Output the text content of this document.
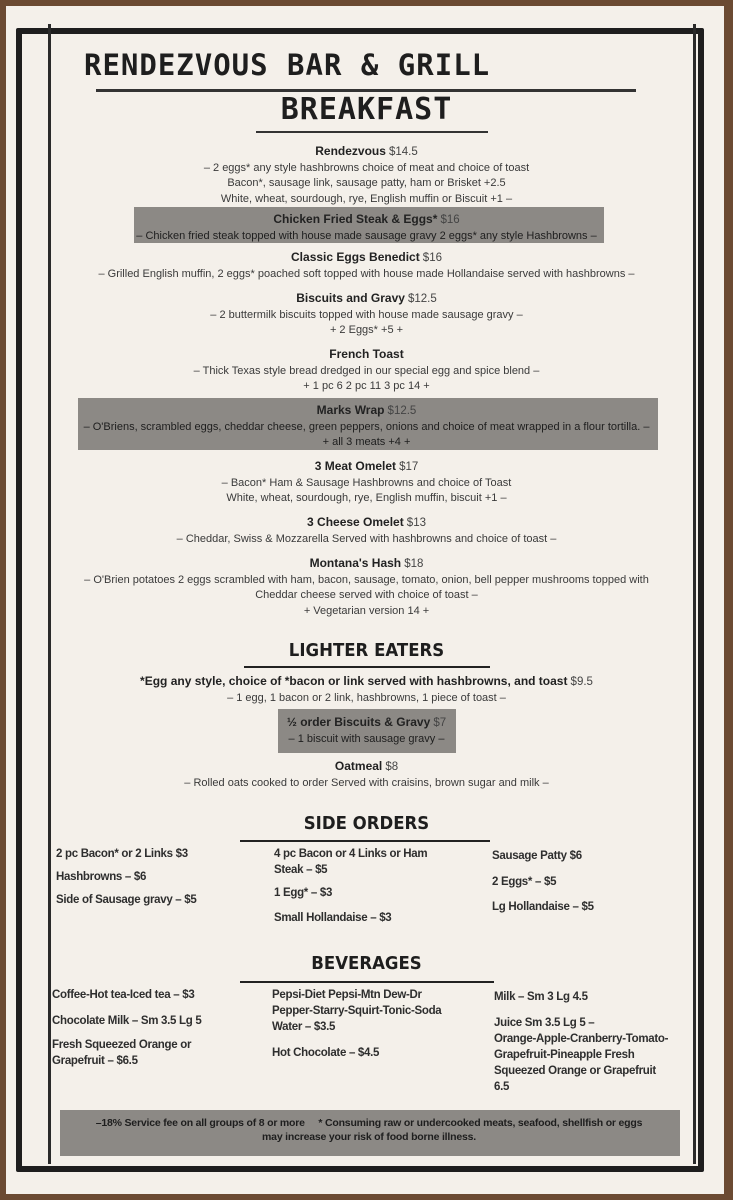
RENDEZVOUS BAR & GRILL
BREAKFAST
Rendezvous $14.5
– 2 eggs* any style hashbrowns choice of meat and choice of toast
Bacon*, sausage link, sausage patty, ham or Brisket +2.5
White, wheat, sourdough, rye, English muffin or Biscuit +1 –
Chicken Fried Steak & Eggs* $16
– Chicken fried steak topped with house made sausage gravy 2 eggs* any style Hashbrowns –
Classic Eggs Benedict $16
– Grilled English muffin, 2 eggs* poached soft topped with house made Hollandaise served with hashbrowns –
Biscuits and Gravy $12.5
– 2 buttermilk biscuits topped with house made sausage gravy –
+ 2 Eggs* +5 +
French Toast
– Thick Texas style bread dredged in our special egg and spice blend –
+ 1 pc 6 2 pc 11 3 pc 14 +
Marks Wrap $12.5
– O'Briens, scrambled eggs, cheddar cheese, green peppers, onions and choice of meat wrapped in a flour tortilla. –
+ all 3 meats +4 +
3 Meat Omelet $17
– Bacon* Ham & Sausage Hashbrowns and choice of Toast
White, wheat, sourdough, rye, English muffin, biscuit +1 –
3 Cheese Omelet $13
– Cheddar, Swiss & Mozzarella Served with hashbrowns and choice of toast –
Montana's Hash $18
– O'Brien potatoes 2 eggs scrambled with ham, bacon, sausage, tomato, onion, bell pepper mushrooms topped with
Cheddar cheese served with choice of toast –
+ Vegetarian version 14 +
LIGHTER EATERS
*Egg any style, choice of *bacon or link served with hashbrowns, and toast $9.5
– 1 egg, 1 bacon or 2 link, hashbrowns, 1 piece of toast –
½ order Biscuits & Gravy $7
– 1 biscuit with sausage gravy –
Oatmeal $8
– Rolled oats cooked to order Served with craisins, brown sugar and milk –
SIDE ORDERS
2 pc Bacon* or 2 Links $3
Hashbrowns – $6
Side of Sausage gravy – $5
4 pc Bacon or 4 Links or Ham
Steak – $5
1 Egg* – $3
Small Hollandaise – $3
Sausage Patty $6
2 Eggs* – $5
Lg Hollandaise – $5
BEVERAGES
Coffee-Hot tea-Iced tea – $3
Chocolate Milk – Sm 3.5 Lg 5
Fresh Squeezed Orange or
Grapefruit – $6.5
Pepsi-Diet Pepsi-Mtn Dew-Dr
Pepper-Starry-Squirt-Tonic-Soda
Water – $3.5
Hot Chocolate – $4.5
Milk – Sm 3 Lg 4.5
Juice Sm 3.5 Lg 5 –
Orange-Apple-Cranberry-Tomato-
Grapefruit-Pineapple Fresh
Squeezed Orange or Grapefruit
6.5
–18% Service fee on all groups of 8 or more * Consuming raw or undercooked meats, seafood, shellfish or eggs
may increase your risk of food borne illness.
